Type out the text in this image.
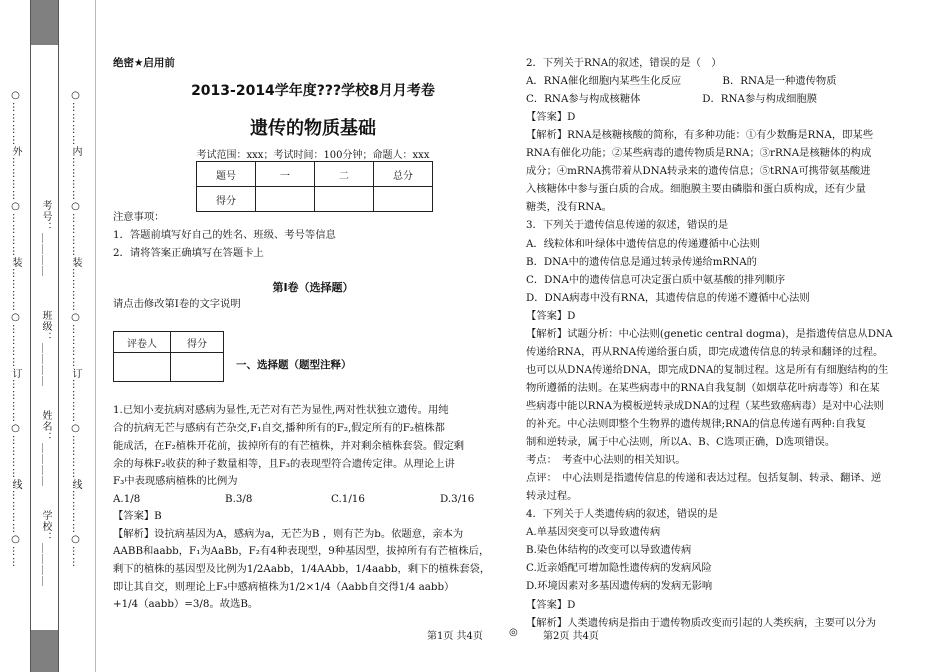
○…………外…………○…………装…………○…………订…………○…………线…………○……	○…………内…………○…………装…………○…………订…………○…………线…………○……
学校：＿＿＿＿
姓名：＿＿＿＿
班级：＿＿＿＿
考号：＿＿＿＿
绝密★启用前
2013-2014学年度???学校8月月考卷
遗传的物质基础
考试范围：xxx；考试时间：100分钟；命题人：xxx
题号	一	二	总分
得分			
注意事项：
1．答题前填写好自己的姓名、班级、考号等信息
2．请将答案正确填写在答题卡上
第Ⅰ卷（选择题）
请点击修改第I卷的文字说明
评卷人	得分

一、选择题（题型注释）
1.已知小麦抗病对感病为显性,无芒对有芒为显性,两对性状独立遗传。用纯
合的抗病无芒与感病有芒杂交,F₁自交,播种所有的F₂,假定所有的F₂植株都
能成活，在F₂植株开花前，拔掉所有的有芒植株，并对剩余植株套袋。假定剩
余的每株F₂收获的种子数量相等，且F₃的表现型符合遗传定律。从理论上讲
F₃中表现感病植株的比例为
A.1/8	B.3/8	C.1/16	D.3/16
【答案】B
【解析】设抗病基因为A，感病为a，无芒为B ，则有芒为b。依题意，亲本为
AABB和aabb，F₁为AaBb，F₂有4种表现型，9种基因型，拔掉所有有芒植株后，
剩下的植株的基因型及比例为1/2Aabb，1/4AAbb，1/4aabb，剩下的植株套袋，
即让其自交，则理论上F₃中感病植株为1/2×1/4（Aabb自交得1/4 aabb）
+1/4（aabb）=3/8。故选B。
2．下列关于RNA的叙述，错误的是（　）
A．RNA催化细胞内某些生化反应　　　　B．RNA是一种遗传物质
C．RNA参与构成核糖体　　　　　　D．RNA参与构成细胞膜
【答案】D
【解析】RNA是核糖核酸的简称，有多种功能：①有少数酶是RNA，即某些
RNA有催化功能；②某些病毒的遗传物质是RNA；③rRNA是核糖体的构成
成分；④mRNA携带着从DNA转录来的遗传信息；⑤tRNA可携带氨基酸进
入核糖体中参与蛋白质的合成。细胞膜主要由磷脂和蛋白质构成，还有少量
糖类，没有RNA。
3．下列关于遗传信息传递的叙述，错误的是
A．线粒体和叶绿体中遗传信息的传递遵循中心法则
B．DNA中的遗传信息是通过转录传递给mRNA的
C．DNA中的遗传信息可决定蛋白质中氨基酸的排列顺序
D．DNA病毒中没有RNA，其遗传信息的传递不遵循中心法则
【答案】D
【解析】试题分析：中心法则(genetic central dogma)，是指遗传信息从DNA
传递给RNA，再从RNA传递给蛋白质，即完成遗传信息的转录和翻译的过程。
也可以从DNA传递给DNA，即完成DNA的复制过程。这是所有有细胞结构的生
物所遵循的法则。在某些病毒中的RNA自我复制（如烟草花叶病毒等）和在某
些病毒中能以RNA为模板逆转录成DNA的过程（某些致癌病毒）是对中心法则
的补充。中心法则即整个生物界的遗传规律;RNA的信息传递有两种:自我复
制和逆转录，属于中心法则，所以A、B、C选项正确，D选项错误。
考点：　考查中心法则的相关知识。
点评：　中心法则是指遗传信息的传递和表达过程。包括复制、转录、翻译、逆
转录过程。
4．下列关于人类遗传病的叙述，错误的是
A.单基因突变可以导致遗传病
B.染色体结构的改变可以导致遗传病
C.近亲婚配可增加隐性遗传病的发病风险
D.环境因素对多基因遗传病的发病无影响
【答案】D
【解析】人类遗传病是指由于遗传物质改变而引起的人类疾病，主要可以分为
第1页 共4页	◎	第2页 共4页
